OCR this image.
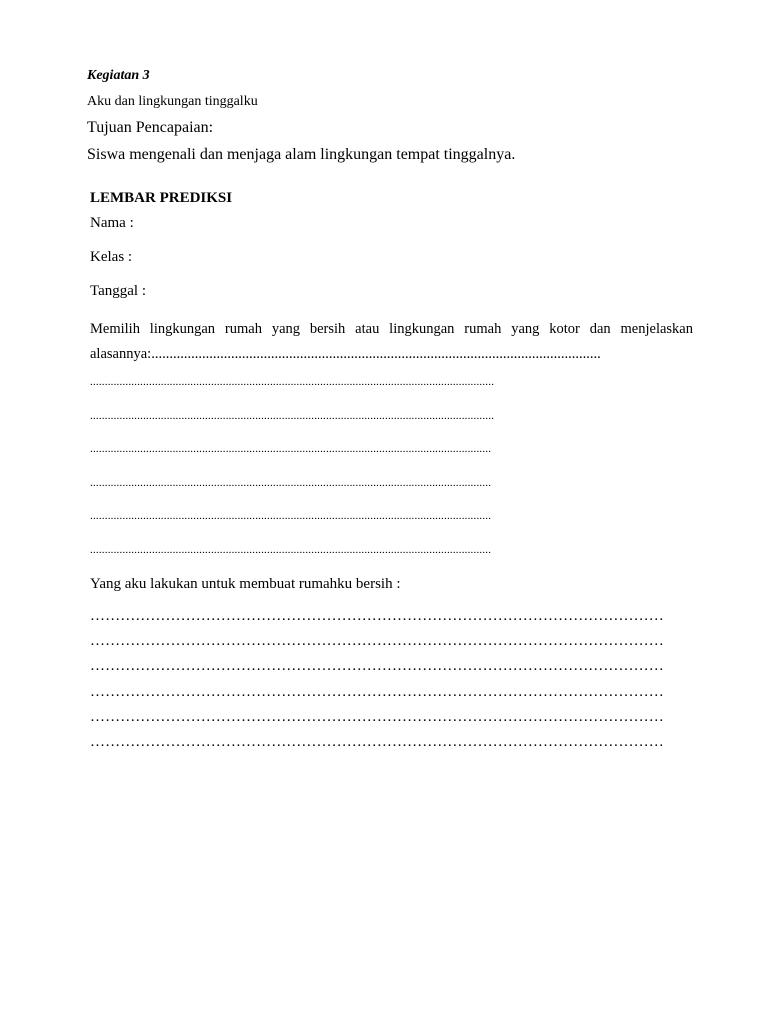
Kegiatan 3
Aku dan lingkungan tinggalku
Tujuan Pencapaian:
Siswa mengenali dan menjaga alam lingkungan tempat tinggalnya.
LEMBAR PREDIKSI
Nama :
Kelas :
Tanggal :
Memilih lingkungan rumah yang bersih atau lingkungan rumah yang kotor dan menjelaskan
alasannya:............................................................................................................................
.........................................................................................................................................
.........................................................................................................................................
........................................................................................................................................
........................................................................................................................................
........................................................................................................................................
........................................................................................................................................
Yang aku lakukan untuk membuat rumahku bersih :
……………………………………………………………………………………………………
……………………………………………………………………………………………………
……………………………………………………………………………………………………
……………………………………………………………………………………………………
……………………………………………………………………………………………………
……………………………………………………………………………………………………
